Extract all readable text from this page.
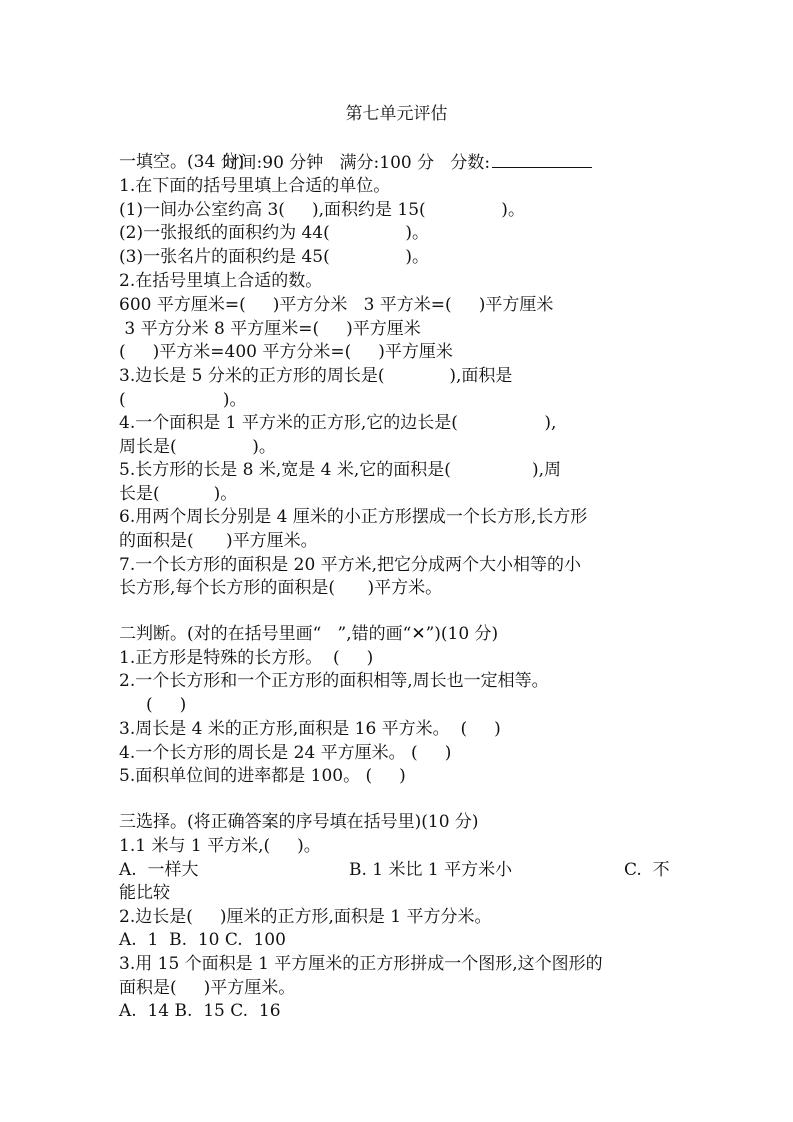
第七单元评估

时间:90 分钟 满分:100 分 分数:

一填空。(34 分)
1.在下面的括号里填上合适的单位。
(1)一间办公室约高 3(     ),面积约是 15(              )。
(2)一张报纸的面积约为 44(              )。
(3)一张名片的面积约是 45(              )。
2.在括号里填上合适的数。
600 平方厘米=(     )平方分米   3 平方米=(     )平方厘米
3 平方分米 8 平方厘米=(     )平方厘米
(     )平方米=400 平方分米=(     )平方厘米
3.边长是 5 分米的正方形的周长是(            ),面积是
(                  )。
4.一个面积是 1 平方米的正方形,它的边长是(                ),
周长是(              )。
5.长方形的长是 8 米,宽是 4 米,它的面积是(               ),周
长是(          )。
6.用两个周长分别是 4 厘米的小正方形摆成一个长方形,长方形
的面积是(      )平方厘米。
7.一个长方形的面积是 20 平方米,把它分成两个大小相等的小
长方形,每个长方形的面积是(      )平方米。
二判断。(对的在括号里画“   ”,错的画“✕”)(10 分)
1.正方形是特殊的长方形。  (     )
2.一个长方形和一个正方形的面积相等,周长也一定相等。
(     )
3.周长是 4 米的正方形,面积是 16 平方米。  (     )
4.一个长方形的周长是 24 平方厘米。 (     )
5.面积单位间的进率都是 100。 (     )
三选择。(将正确答案的序号填在括号里)(10 分)
1.1 米与 1 平方米,(     )。

A.  一样大

	B. 1 米比 1 平方米小

	C.  不

能比较
2.边长是(     )厘米的正方形,面积是 1 平方分米。
A.  1  B.  10 C.  100
3.用 15 个面积是 1 平方厘米的正方形拼成一个图形,这个图形的
面积是(     )平方厘米。
A.  14 B.  15 C.  16
